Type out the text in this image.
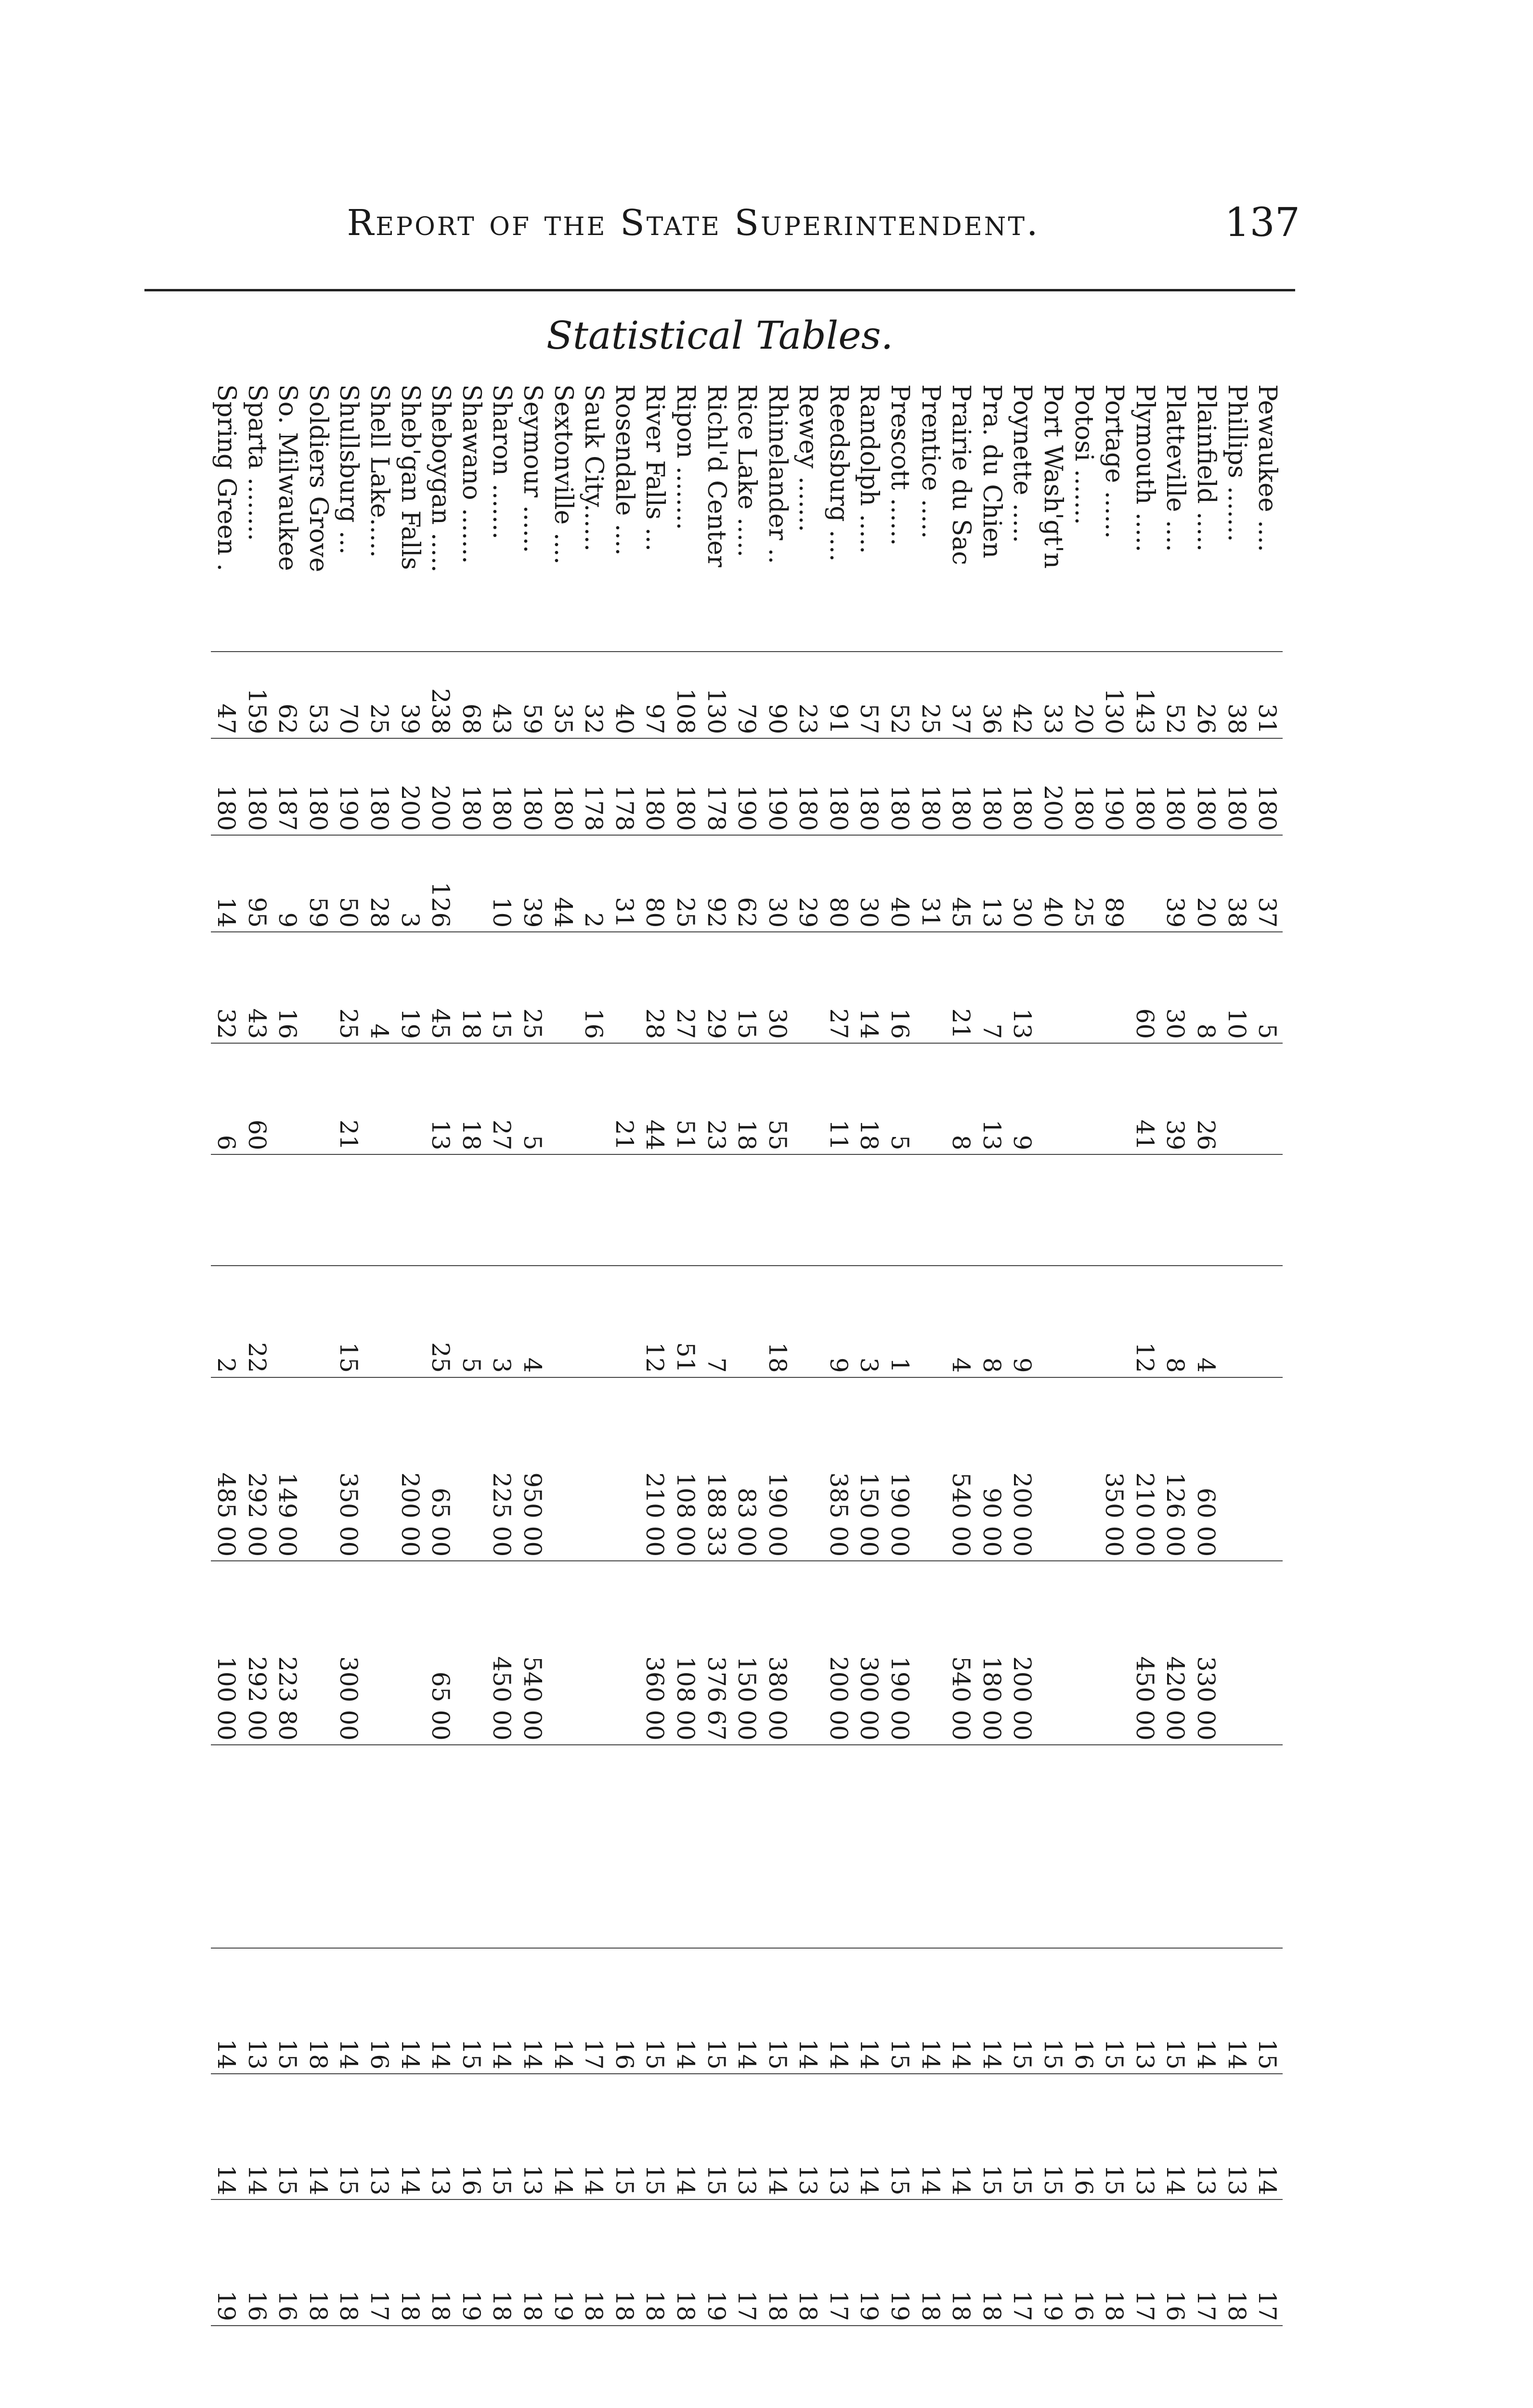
Report of the State Superintendent.	137
Statistical Tables.
Pewaukee ....	31	180	37	5							15	14	17	
Phillips .......	38	180	38	10							14	13	18	
Plainfield .....	26	180	20	8	26		4	60 00	330 00		14	13	17	
Platteville ....	52	180	39	30	39		8	126 00	420 00		15	14	16	
Plymouth .....	143	180		60	41		12	210 00	450 00		13	13	17	
Portage ......	130	190	89					350 00			15	15	18	
Potosi .......	20	180	25								16	16	16	
Port Wash'gt'n	33	200	40								15	15	19	
Poynette .....	42	180	30	13	9		9	200 00	200 00		15	15	17	
Pra. du Chien	36	180	13	7	13		8	90 00	180 00		14	15	18	
Prairie du Sac	37	180	45	21	8		4	540 00	540 00		14	14	18	
Prentice .....	25	180	31								14	14	18	
Prescott ......	52	180	40	16	5		1	190 00	190 00		15	15	19	
Randolph .....	57	180	30	14	18		3	150 00	300 00		14	14	19	
Reedsburg ....	91	180	80	27	11		9	385 00	200 00		14	13	17	
Rewey .......	23	180	29								14	13	18	
Rhinelander ..	90	190	30	30	55		18	190 00	380 00		15	14	18	
Rice Lake .....	79	190	62	15	18			83 00	150 00		14	13	17	
Richl'd Center	130	178	92	29	23		7	188 33	376 67		15	15	19	
Ripon ........	108	180	25	27	51		51	108 00	108 00		14	14	18	
River Falls ...	97	180	80	28	44		12	210 00	360 00		15	15	18	
Rosendale ....	40	178	31		21						16	15	18	
Sauk City......	32	178	2	16							17	14	18	
Sextonville ....	35	180	44								14	14	19	
Seymour ......	59	180	39	25	5		4	950 00	540 00		14	13	18	
Sharon .......	43	180	10	15	27		3	225 00	450 00		14	15	18	
Shawano .......	68	180		18	18		5				15	16	19	
Sheboygan .....	238	200	126	45	13		25	65 00	65 00		14	13	18	
Sheb'gan Falls	39	200	3	19				200 00			14	14	18	
Shell Lake.....	25	180	28	4							16	13	17	
Shullsburg ...	70	190	50	25	21		15	350 00	300 00		14	15	18	
Soldiers Grove	53	180	59								18	14	18	
So. Milwaukee	62	187	9	16				149 00	223 80		15	15	16	
Sparta ........	159	180	95	43	60		22	292 00	292 00		13	14	16	
Spring Green .	47	180	14	32	6		2	485 00	100 00		14	14	19	
